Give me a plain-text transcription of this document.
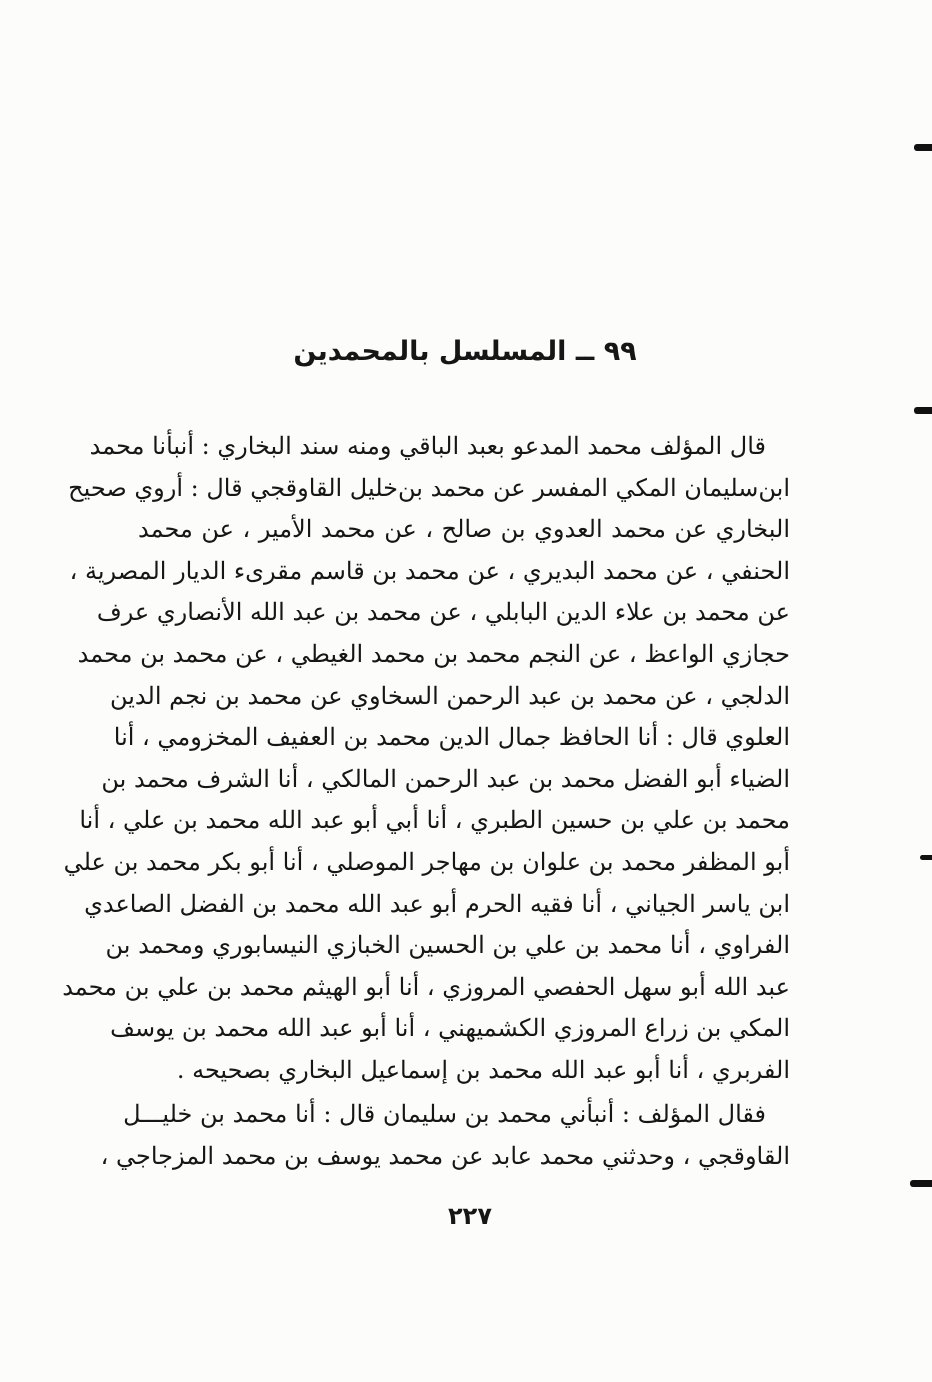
٩٩ ــ المسلسل بالمحمدين
قال المؤلف محمد المدعو بعبد الباقي ومنه سند البخاري : أنبأنا محمد
ابن‌سليمان المكي المفسر عن محمد بن‌خليل القاوقجي قال : أروي صحيح
البخاري عن محمد العدوي بن صالح ، عن محمد الأمير ، عن محمد
الحنفي ، عن محمد البديري ، عن محمد بن قاسم مقرىء الديار المصرية ،
عن محمد بن علاء الدين البابلي ، عن محمد بن عبد الله الأنصاري عرف
حجازي الواعظ ، عن النجم محمد بن محمد الغيطي ، عن محمد بن محمد
الدلجي ، عن محمد بن عبد الرحمن السخاوي عن محمد بن نجم الدين
العلوي قال : أنا الحافظ جمال الدين محمد بن العفيف المخزومي ، أنا
الضياء أبو الفضل محمد بن عبد الرحمن المالكي ، أنا الشرف محمد بن
محمد بن علي بن حسين الطبري ، أنا أبي أبو عبد الله محمد بن علي ، أنا
أبو المظفر محمد بن علوان بن مهاجر الموصلي ، أنا أبو بكر محمد بن علي
ابن ياسر الجياني ، أنا فقيه الحرم أبو عبد الله محمد بن الفضل الصاعدي
الفراوي ، أنا محمد بن علي بن الحسين الخبازي النيسابوري ومحمد بن
عبد الله أبو سهل الحفصي المروزي ، أنا أبو الهيثم محمد بن علي بن محمد
المكي بن زراع المروزي الكشميهني ، أنا أبو عبد الله محمد بن يوسف
الفربري ، أنا أبو عبد الله محمد بن إسماعيل البخاري بصحيحه .
فقال المؤلف : أنبأني محمد بن سليمان قال : أنا محمد بن خليـــل
القاوقجي ، وحدثني محمد عابد عن محمد يوسف بن محمد المزجاجي ،
٢٢٧
